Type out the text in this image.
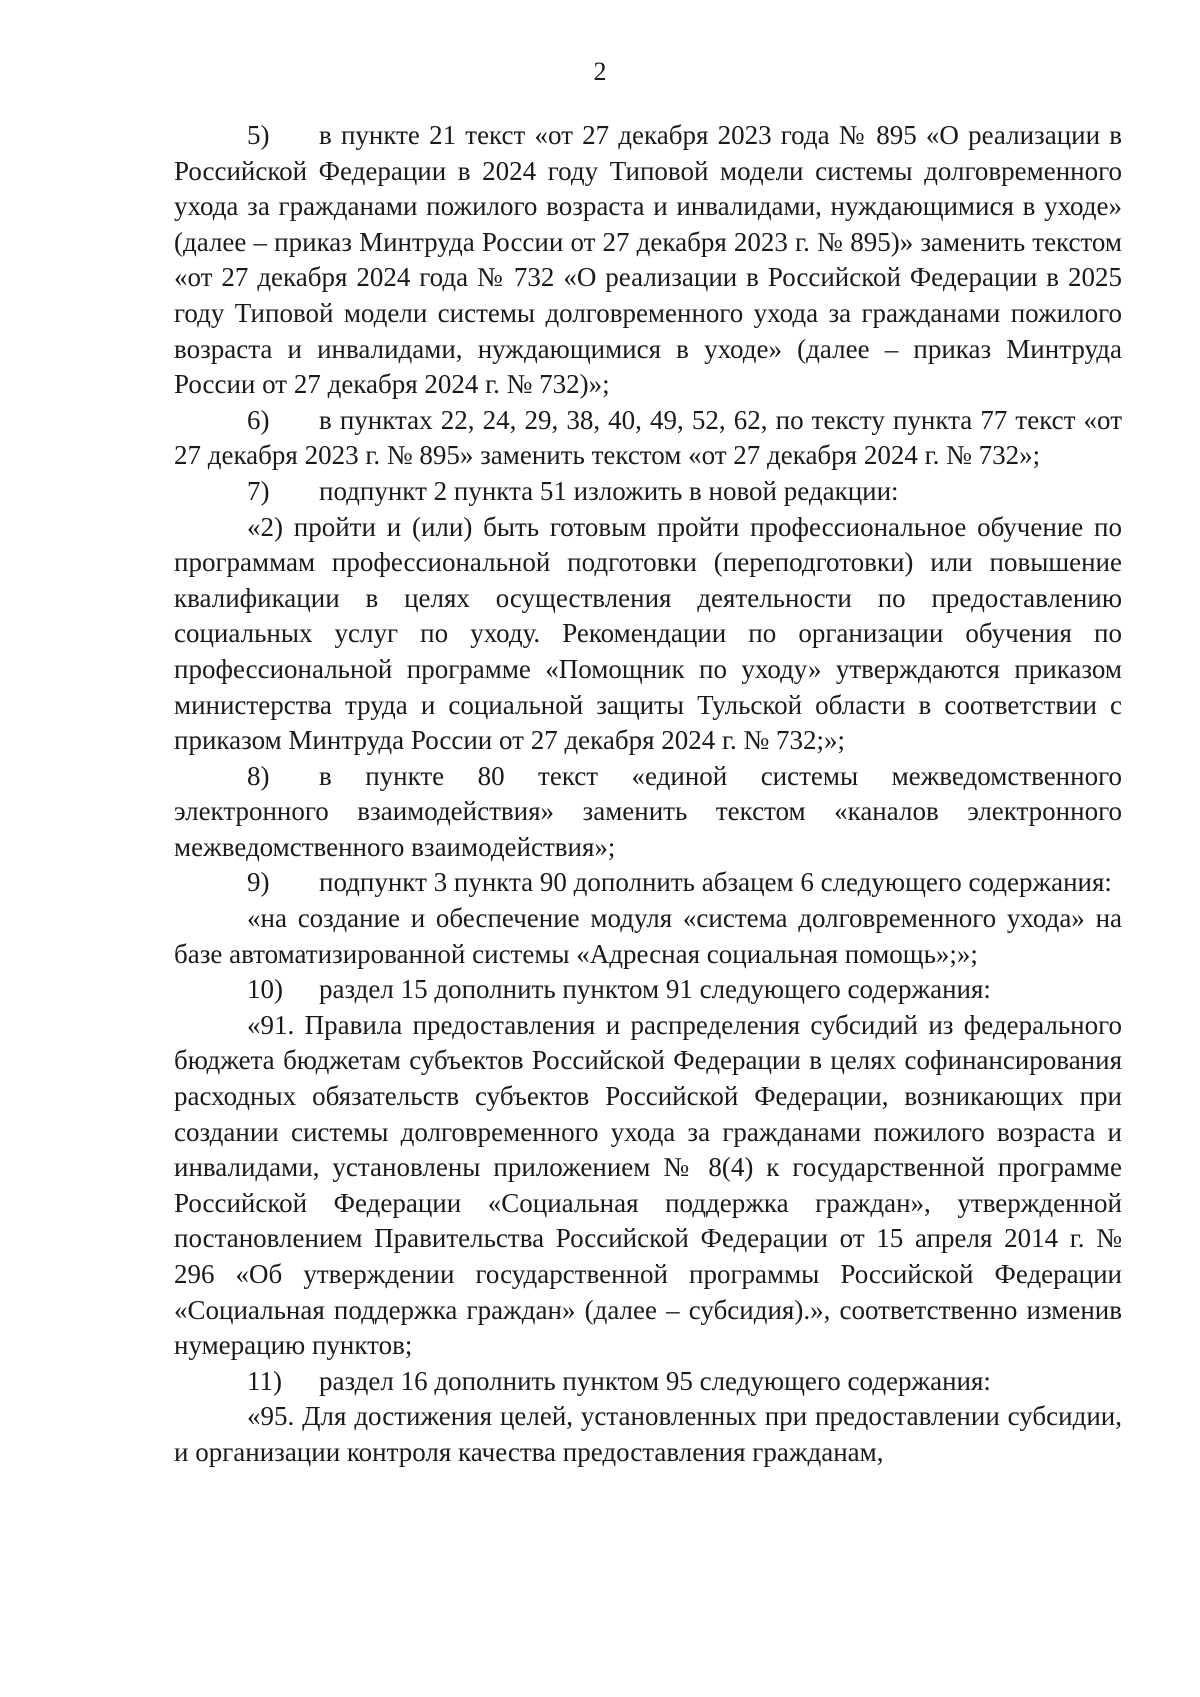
2

5) в пункте 21 текст «от 27 декабря 2023 года № 895 «О реализации в Российской Федерации в 2024 году Типовой модели системы долговременного ухода за гражданами пожилого возраста и инвалидами, нуждающимися в уходе» (далее – приказ Минтруда России от 27 декабря 2023 г. № 895)» заменить текстом «от 27 декабря 2024 года № 732 «О реализации в Российской Федерации в 2025 году Типовой модели системы долговременного ухода за гражданами пожилого возраста и инвалидами, нуждающимися в уходе» (далее – приказ Минтруда России от 27 декабря 2024 г. № 732)»;

6) в пунктах 22, 24, 29, 38, 40, 49, 52, 62, по тексту пункта 77 текст «от 27 декабря 2023 г. № 895» заменить текстом «от 27 декабря 2024 г. № 732»;

7) подпункт 2 пункта 51 изложить в новой редакции:

«2) пройти и (или) быть готовым пройти профессиональное обучение по программам профессиональной подготовки (переподготовки) или повышение квалификации в целях осуществления деятельности по предоставлению социальных услуг по уходу. Рекомендации по организации обучения по профессиональной программе «Помощник по уходу» утверждаются приказом министерства труда и социальной защиты Тульской области в соответствии с приказом Минтруда России от 27 декабря 2024 г. № 732;»;

8) в пункте 80 текст «единой системы межведомственного электронного взаимодействия» заменить текстом «каналов электронного межведомственного взаимодействия»;

9) подпункт 3 пункта 90 дополнить абзацем 6 следующего содержания:

«на создание и обеспечение модуля «система долговременного ухода» на базе автоматизированной системы «Адресная социальная помощь»;»;

10) раздел 15 дополнить пунктом 91 следующего содержания:

«91. Правила предоставления и распределения субсидий из федерального бюджета бюджетам субъектов Российской Федерации в целях софинансирования расходных обязательств субъектов Российской Федерации, возникающих при создании системы долговременного ухода за гражданами пожилого возраста и инвалидами, установлены приложением № 8(4) к государственной программе Российской Федерации «Социальная поддержка граждан», утвержденной постановлением Правительства Российской Федерации от 15 апреля 2014 г. № 296 «Об утверждении государственной программы Российской Федерации «Социальная поддержка граждан» (далее – субсидия).», соответственно изменив нумерацию пунктов;

11) раздел 16 дополнить пунктом 95 следующего содержания:

«95. Для достижения целей, установленных при предоставлении субсидии, и организации контроля качества предоставления гражданам,
